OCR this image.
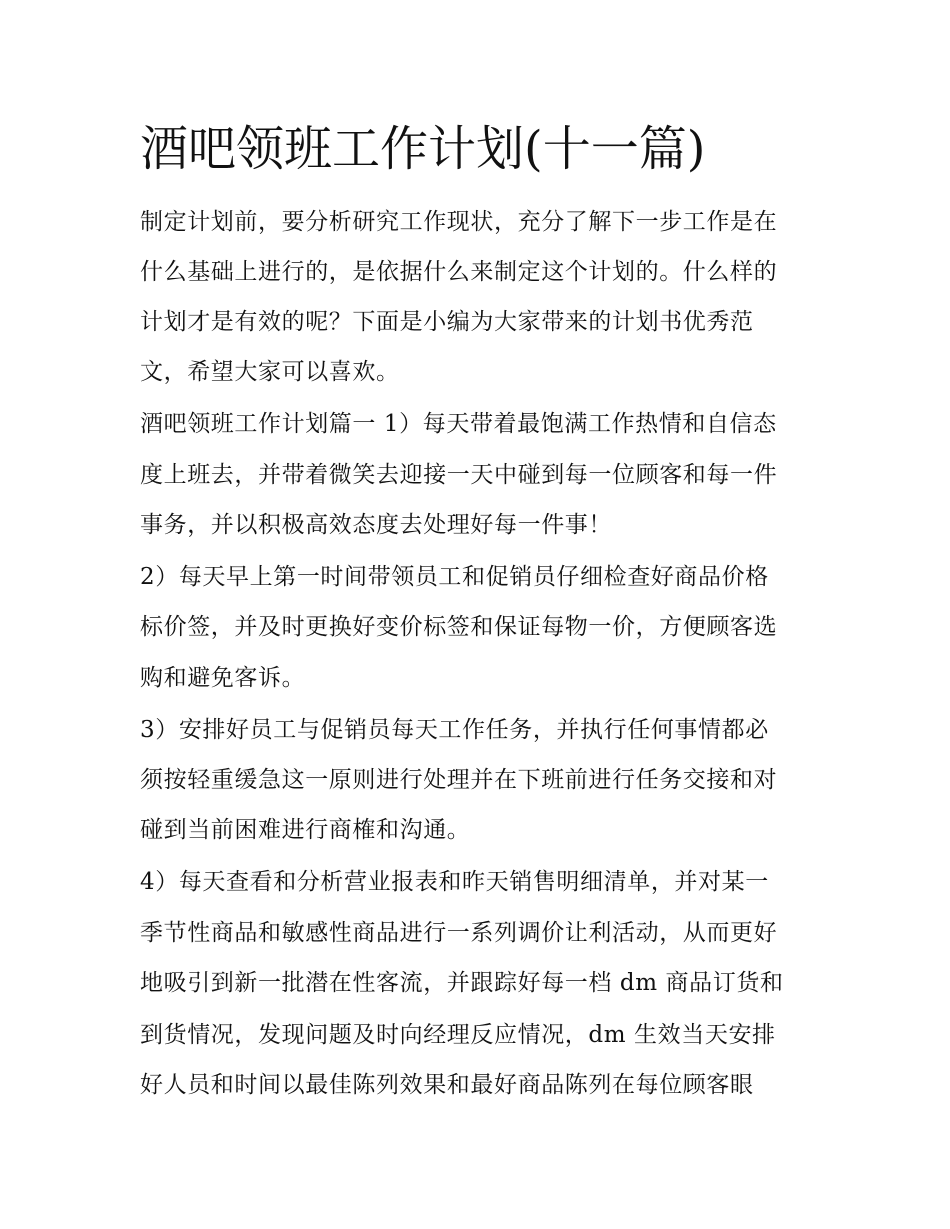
酒吧领班工作计划(十一篇)

制定计划前，要分析研究工作现状，充分了解下一步工作是在

什么基础上进行的，是依据什么来制定这个计划的。什么样的

计划才是有效的呢？下面是小编为大家带来的计划书优秀范

文，希望大家可以喜欢。

酒吧领班工作计划篇一 1）每天带着最饱满工作热情和自信态

度上班去，并带着微笑去迎接一天中碰到每一位顾客和每一件

事务，并以积极高效态度去处理好每一件事！

2）每天早上第一时间带领员工和促销员仔细检查好商品价格

标价签，并及时更换好变价标签和保证每物一价，方便顾客选

购和避免客诉。

3）安排好员工与促销员每天工作任务，并执行任何事情都必

须按轻重缓急这一原则进行处理并在下班前进行任务交接和对

碰到当前困难进行商榷和沟通。

4）每天查看和分析营业报表和昨天销售明细清单，并对某一

季节性商品和敏感性商品进行一系列调价让利活动，从而更好

地吸引到新一批潜在性客流，并跟踪好每一档 dm 商品订货和

到货情况，发现问题及时向经理反应情况，dm 生效当天安排

好人员和时间以最佳陈列效果和最好商品陈列在每位顾客眼
